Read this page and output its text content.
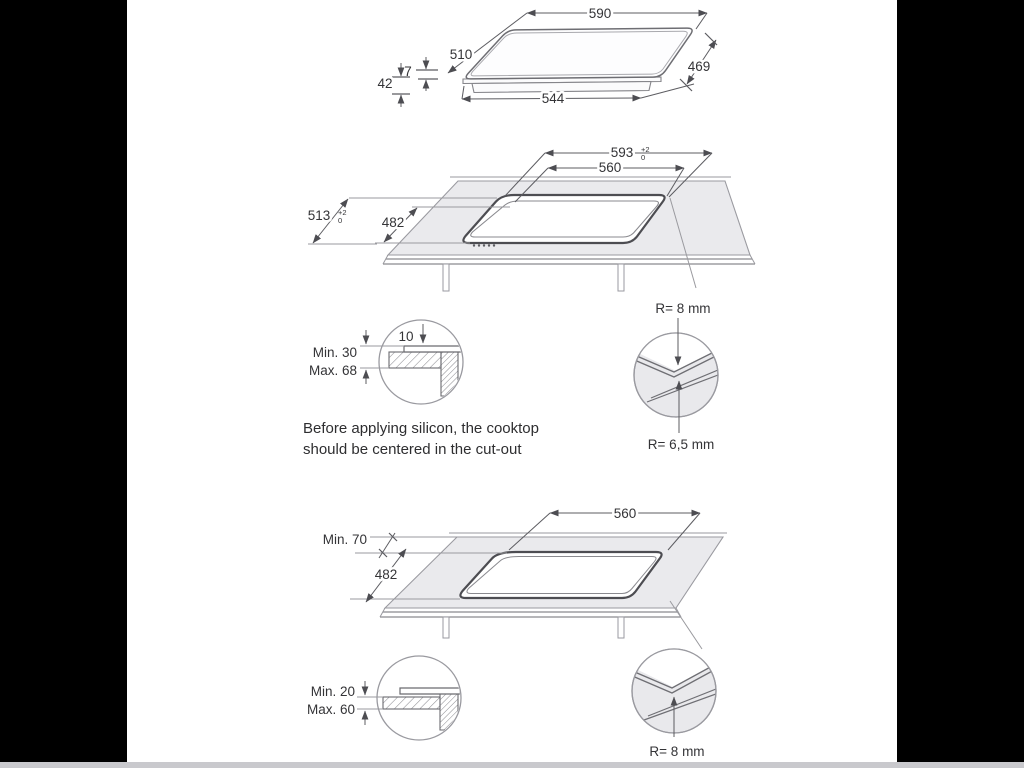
590
510
469
544
7
42
593 +2
0
560
513 +2
0	482
10
Min. 30
Max. 68
R= 8 mm
R= 6,5 mm
Before applying silicon, the cooktop
should be centered in the cut-out
560
Min. 70
482
Min. 20
Max. 60
R= 8 mm
